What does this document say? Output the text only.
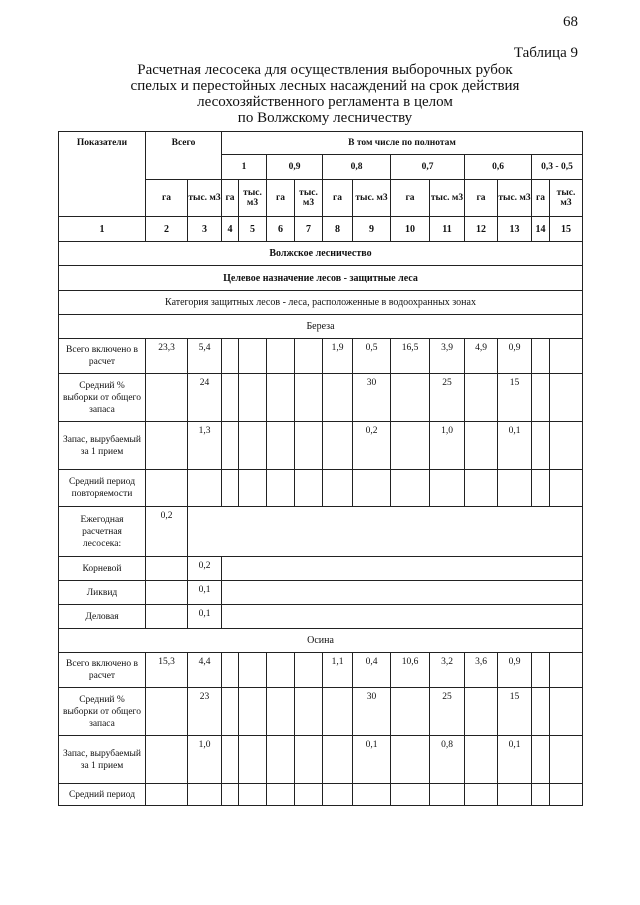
68
Таблица 9
Расчетная лесосека для осуществления выборочных рубок
спелых и перестойных лесных насаждений на срок действия
лесохозяйственного регламента в целом
по Волжскому лесничеству
Показатели	Всего		В том числе по полнотам											
			1		0,9		0,8		0,7		0,6		0,3 - 0,5	
	га	тыс. м3	га	тыс. м3	га	тыс. м3	га	тыс. м3	га	тыс. м3	га	тыс. м3	га	тыс. м3
1	2	3	4	5	6	7	8	9	10	11	12	13	14	15
Волжское лесничество														
Целевое назначение лесов - защитные леса														
Категория защитных лесов - леса, расположенные в водоохранных зонах														
Береза														
Всего включено в расчет	23,3	5,4					1,9	0,5	16,5	3,9	4,9	0,9		
Средний % выборки от общего запаса		24						30		25		15		
Запас, вырубаемый за 1 прием		1,3						0,2		1,0		0,1		
Средний период повторяемости														
Ежегодная расчетная лесосека:	0,2													
Корневой		0,2												
Ликвид		0,1												
Деловая		0,1												
Осина														
Всего включено в расчет	15,3	4,4					1,1	0,4	10,6	3,2	3,6	0,9		
Средний % выборки от общего запаса		23						30		25		15		
Запас, вырубаемый за 1 прием		1,0						0,1		0,8		0,1		
Средний период														
